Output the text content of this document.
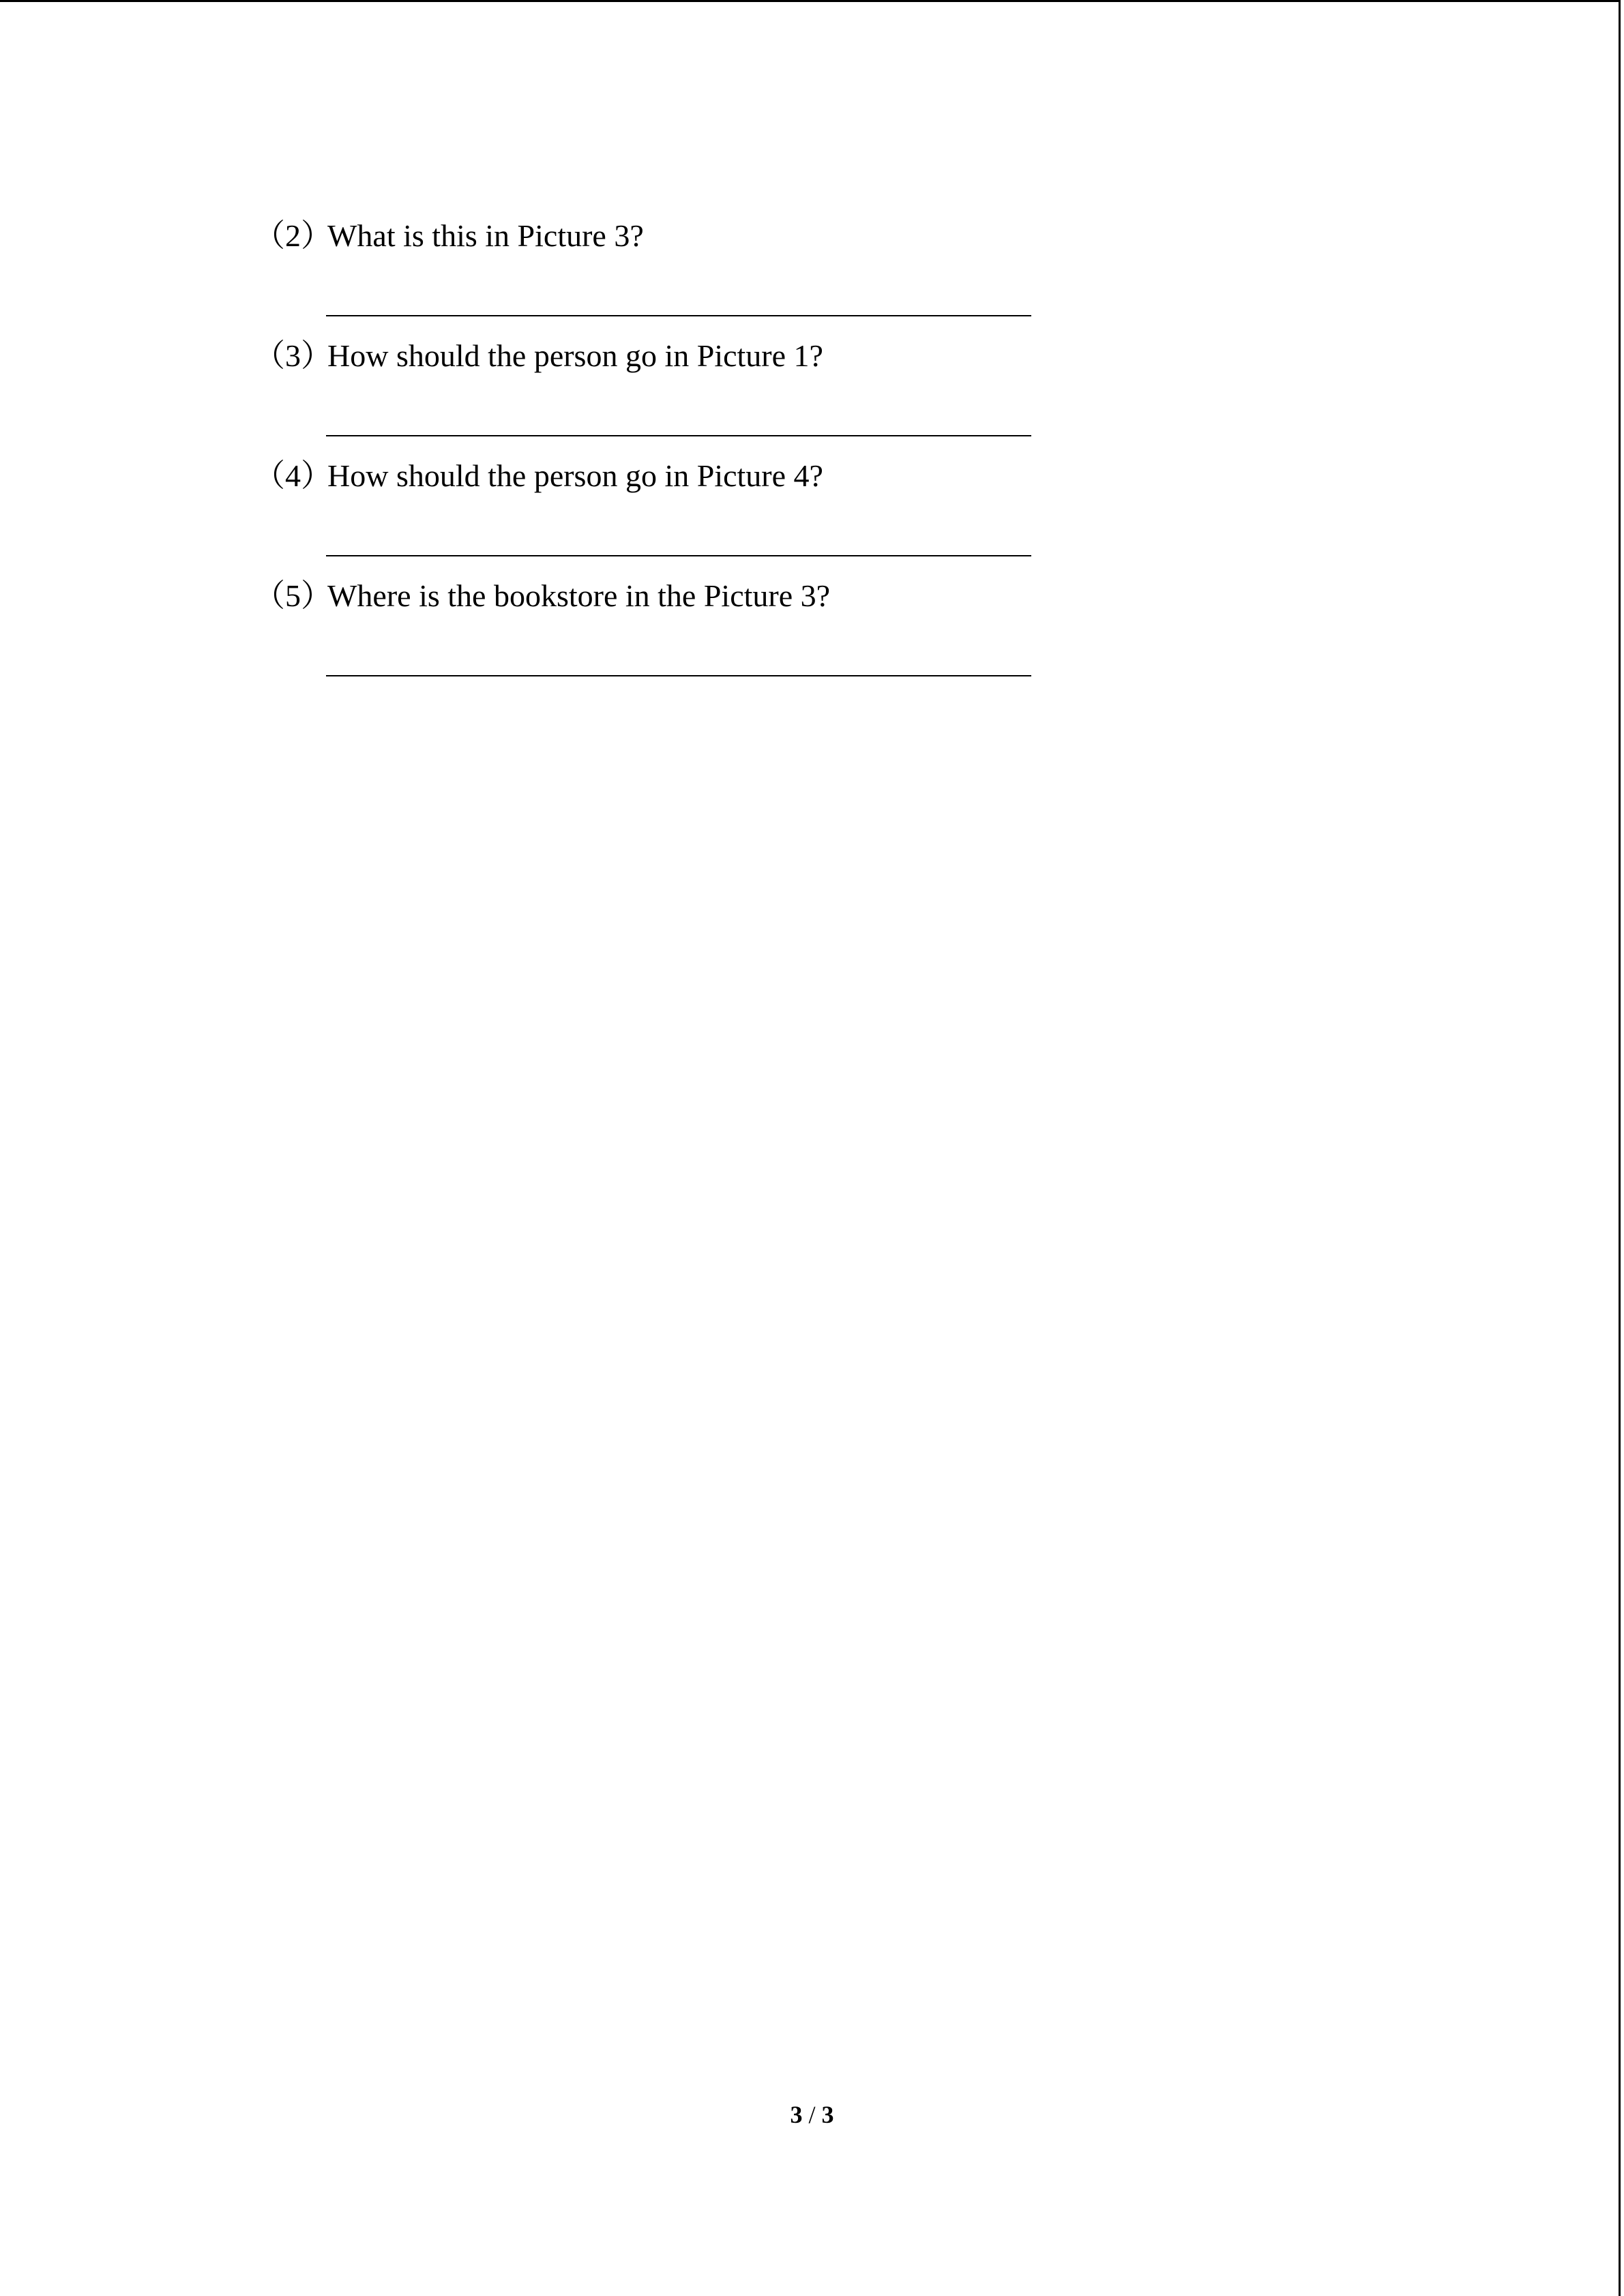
（2）What is this in Picture 3?
（3）How should the person go in Picture 1?
（4）How should the person go in Picture 4?
（5）Where is the bookstore in the Picture 3?
3 / 3
